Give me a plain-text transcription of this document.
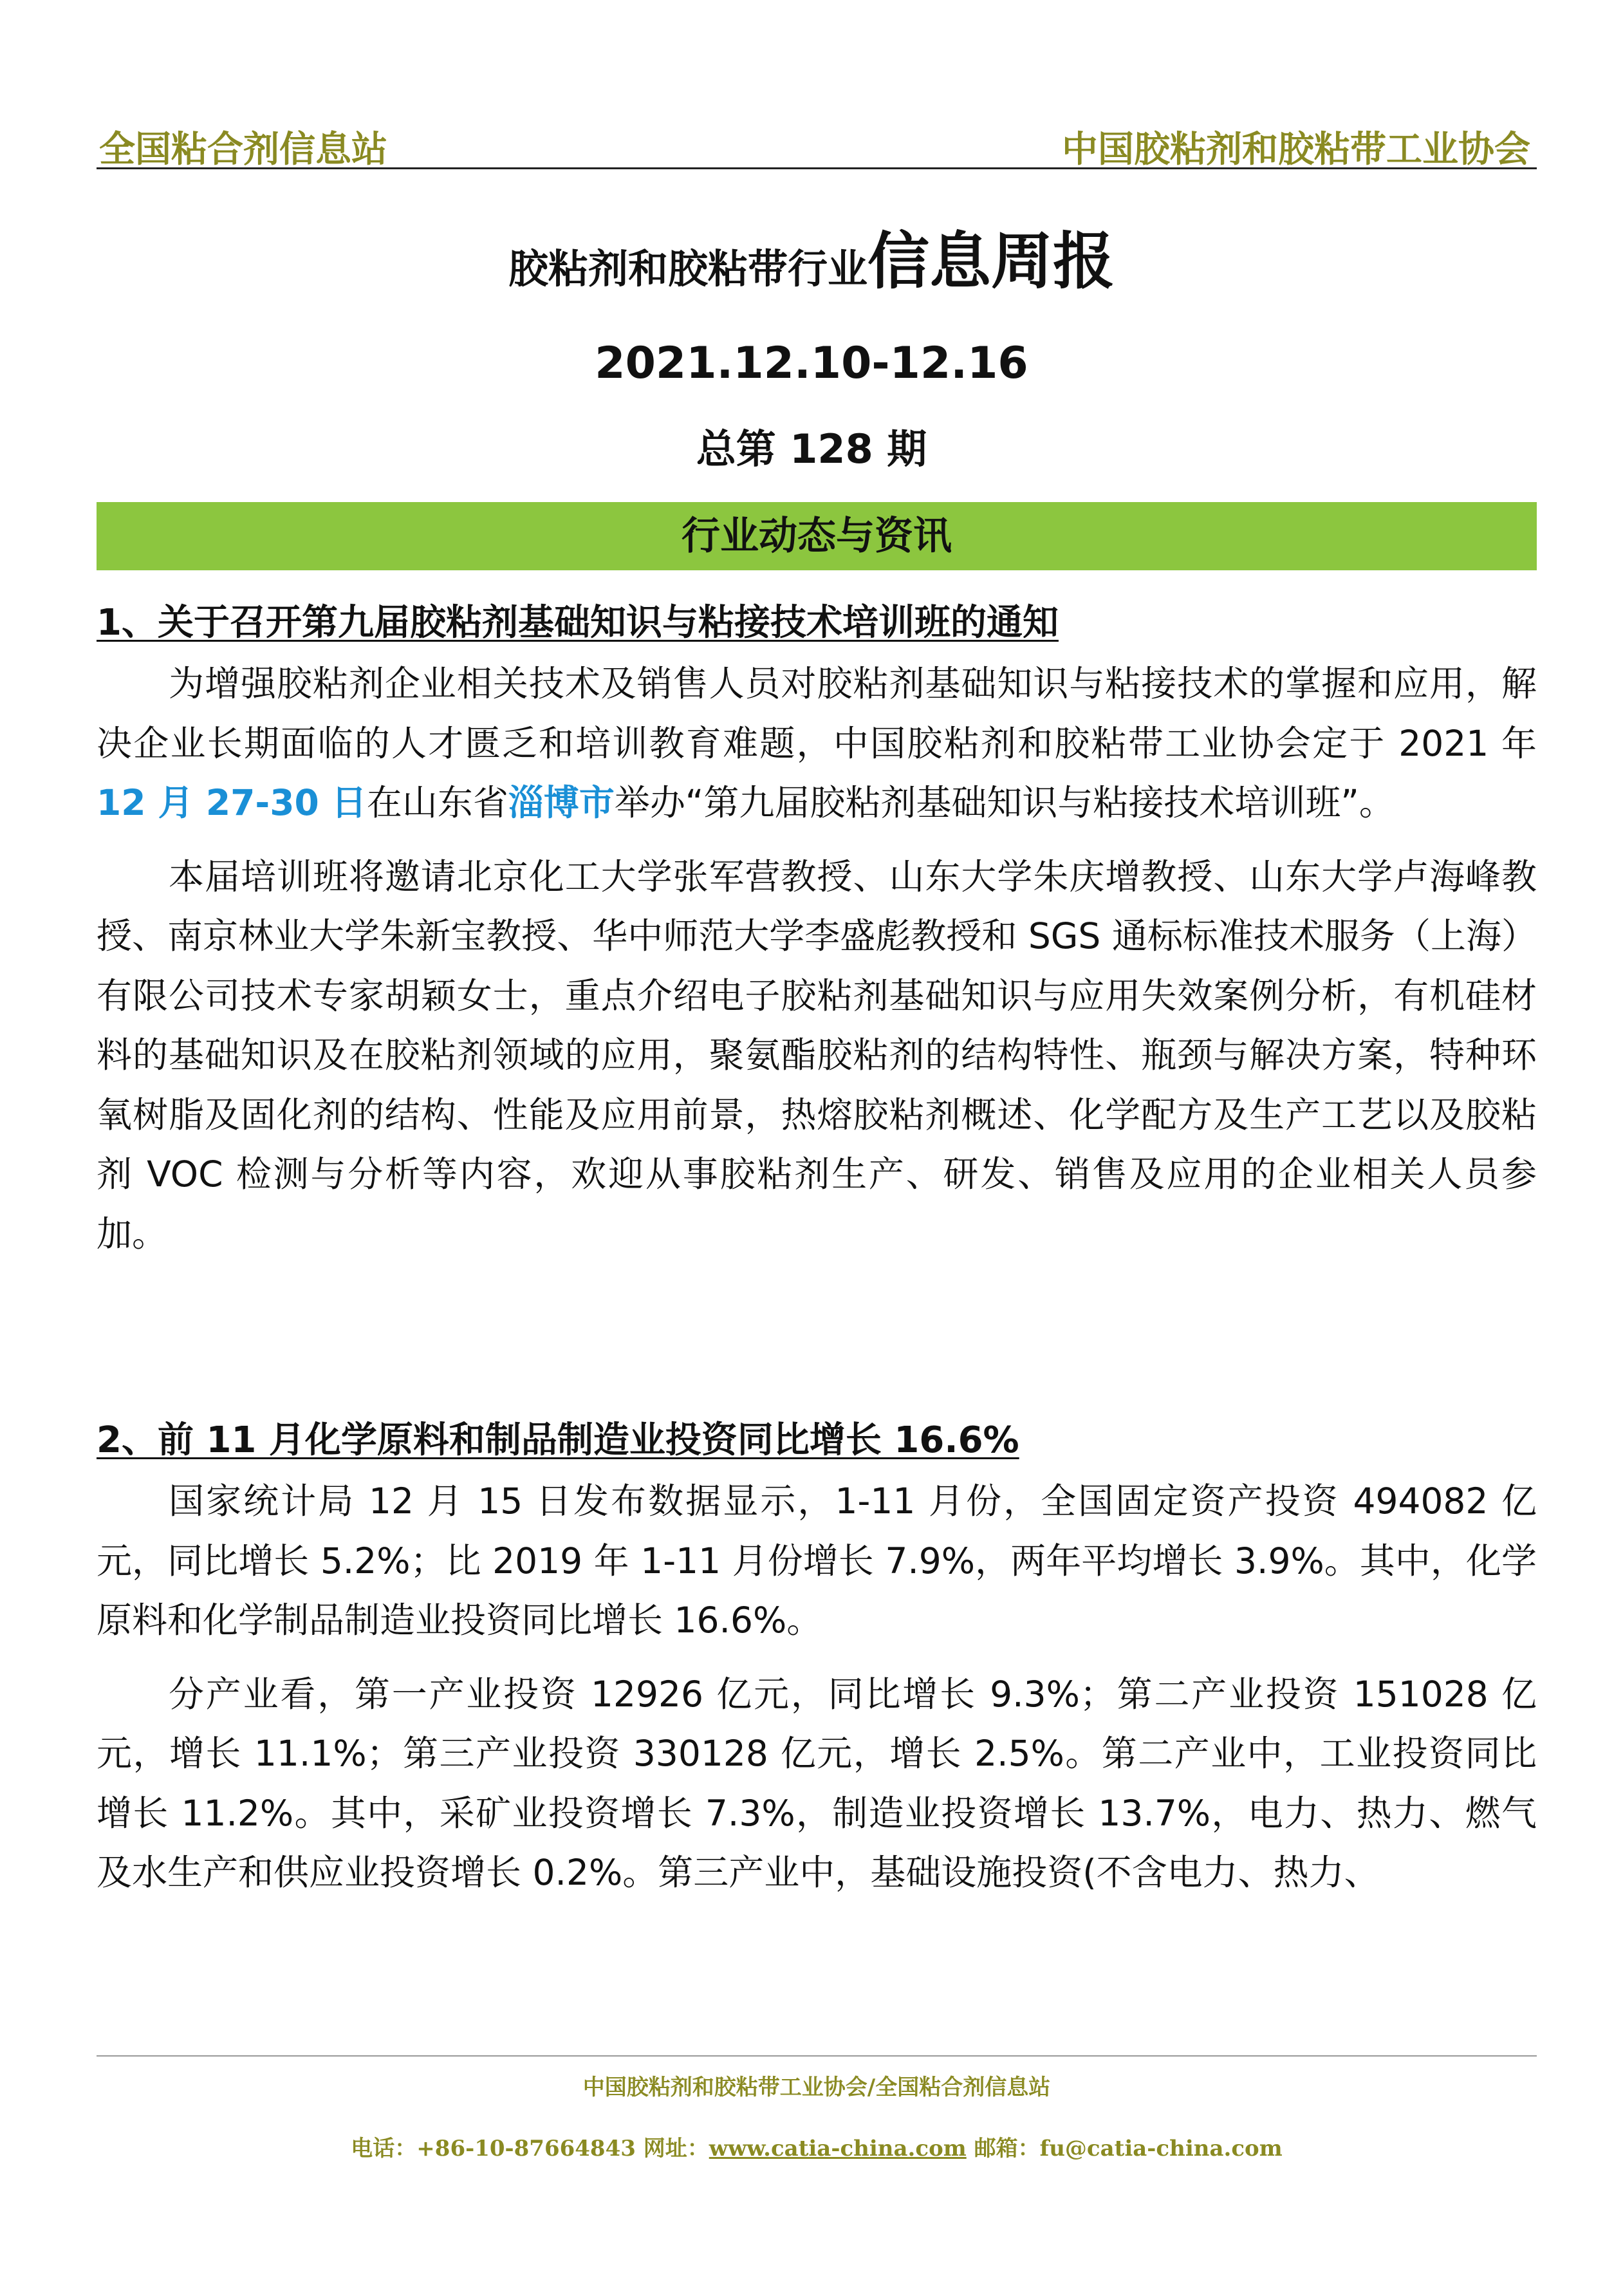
全国粘合剂信息站	中国胶粘剂和胶粘带工业协会
胶粘剂和胶粘带行业信息周报
2021.12.10-12.16
总第 128 期
行业动态与资讯
1、关于召开第九届胶粘剂基础知识与粘接技术培训班的通知

为增强胶粘剂企业相关技术及销售人员对胶粘剂基础知识与粘接技术的掌握和应用，解决企业长期面临的人才匮乏和培训教育难题，中国胶粘剂和胶粘带工业协会定于 2021 年 12 月 27-30 日在山东省淄博市举办“第九届胶粘剂基础知识与粘接技术培训班”。

本届培训班将邀请北京化工大学张军营教授、山东大学朱庆增教授、山东大学卢海峰教授、南京林业大学朱新宝教授、华中师范大学李盛彪教授和 SGS 通标标准技术服务（上海）有限公司技术专家胡颖女士，重点介绍电子胶粘剂基础知识与应用失效案例分析，有机硅材料的基础知识及在胶粘剂领域的应用，聚氨酯胶粘剂的结构特性、瓶颈与解决方案，特种环氧树脂及固化剂的结构、性能及应用前景，热熔胶粘剂概述、化学配方及生产工艺以及胶粘剂 VOC 检测与分析等内容，欢迎从事胶粘剂生产、研发、销售及应用的企业相关人员参加。

2、前 11 月化学原料和制品制造业投资同比增长 16.6%

国家统计局 12 月 15 日发布数据显示，1-11 月份，全国固定资产投资 494082 亿元，同比增长 5.2%；比 2019 年 1-11 月份增长 7.9%，两年平均增长 3.9%。其中，化学原料和化学制品制造业投资同比增长 16.6%。

分产业看，第一产业投资 12926 亿元，同比增长 9.3%；第二产业投资 151028 亿元，增长 11.1%；第三产业投资 330128 亿元，增长 2.5%。第二产业中，工业投资同比增长 11.2%。其中，采矿业投资增长 7.3%，制造业投资增长 13.7%，电力、热力、燃气及水生产和供应业投资增长 0.2%。第三产业中，基础设施投资(不含电力、热力、

中国胶粘剂和胶粘带工业协会/全国粘合剂信息站
电话：+86-10-87664843 网址：www.catia-china.com 邮箱：fu@catia-china.com
